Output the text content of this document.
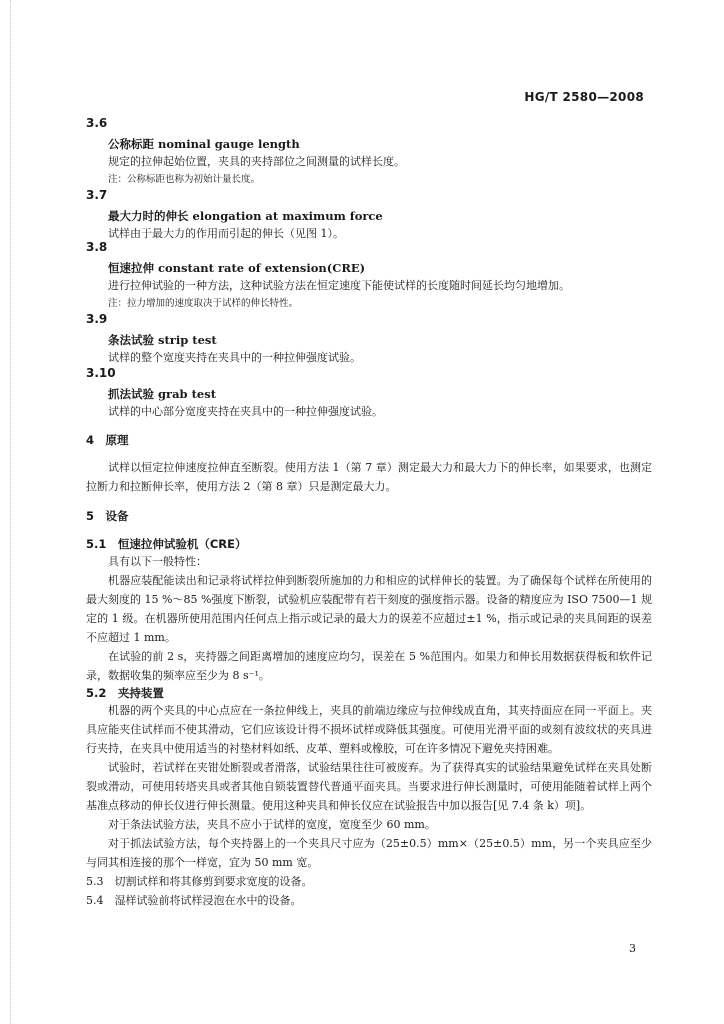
HG/T 2580—2008
3.6
公称标距 nominal gauge length
规定的拉伸起始位置，夹具的夹持部位之间测量的试样长度。
注：公称标距也称为初始计量长度。
3.7
最大力时的伸长 elongation at maximum force
试样由于最大力的作用而引起的伸长（见图 1）。
3.8
恒速拉伸 constant rate of extension(CRE)
进行拉伸试验的一种方法，这种试验方法在恒定速度下能使试样的长度随时间延长均匀地增加。
注：拉力增加的速度取决于试样的伸长特性。
3.9
条法试验 strip test
试样的整个宽度夹持在夹具中的一种拉伸强度试验。
3.10
抓法试验 grab test
试样的中心部分宽度夹持在夹具中的一种拉伸强度试验。
4　原理
试样以恒定拉伸速度拉伸直至断裂。使用方法 1（第 7 章）测定最大力和最大力下的伸长率，如果要求，也测定拉断力和拉断伸长率，使用方法 2（第 8 章）只是测定最大力。
5　设备
5.1　恒速拉伸试验机（CRE）
具有以下一般特性：
机器应装配能读出和记录将试样拉伸到断裂所施加的力和相应的试样伸长的装置。为了确保每个试样在所使用的最大刻度的 15 %～85 %强度下断裂，试验机应装配带有若干刻度的强度指示器。设备的精度应为 ISO 7500—1 规定的 1 级。在机器所使用范围内任何点上指示或记录的最大力的误差不应超过±1 %，指示或记录的夹具间距的误差不应超过 1 mm。
在试验的前 2 s，夹持器之间距离增加的速度应均匀，误差在 5 %范围内。如果力和伸长用数据获得板和软件记录，数据收集的频率应至少为 8 s⁻¹。
5.2　夹持装置
机器的两个夹具的中心点应在一条拉伸线上，夹具的前端边缘应与拉伸线成直角，其夹持面应在同一平面上。夹具应能夹住试样而不使其滑动，它们应该设计得不损坏试样或降低其强度。可使用光滑平面的或刻有波纹状的夹具进行夹持，在夹具中使用适当的衬垫材料如纸、皮革、塑料或橡胶，可在许多情况下避免夹持困难。
试验时，若试样在夹钳处断裂或者滑落，试验结果往往可被废弃。为了获得真实的试验结果避免试样在夹具处断裂或滑动，可使用转塔夹具或者其他自锁装置替代普通平面夹具。当要求进行伸长测量时，可使用能随着试样上两个基准点移动的伸长仪进行伸长测量。使用这种夹具和伸长仪应在试验报告中加以报告[见 7.4 条 k）项]。
对于条法试验方法，夹具不应小于试样的宽度，宽度至少 60 mm。
对于抓法试验方法，每个夹持器上的一个夹具尺寸应为（25±0.5）mm×（25±0.5）mm，另一个夹具应至少与同其相连接的那个一样宽，宜为 50 mm 宽。
5.3　切割试样和将其修剪到要求宽度的设备。
5.4　湿样试验前将试样浸泡在水中的设备。
3
